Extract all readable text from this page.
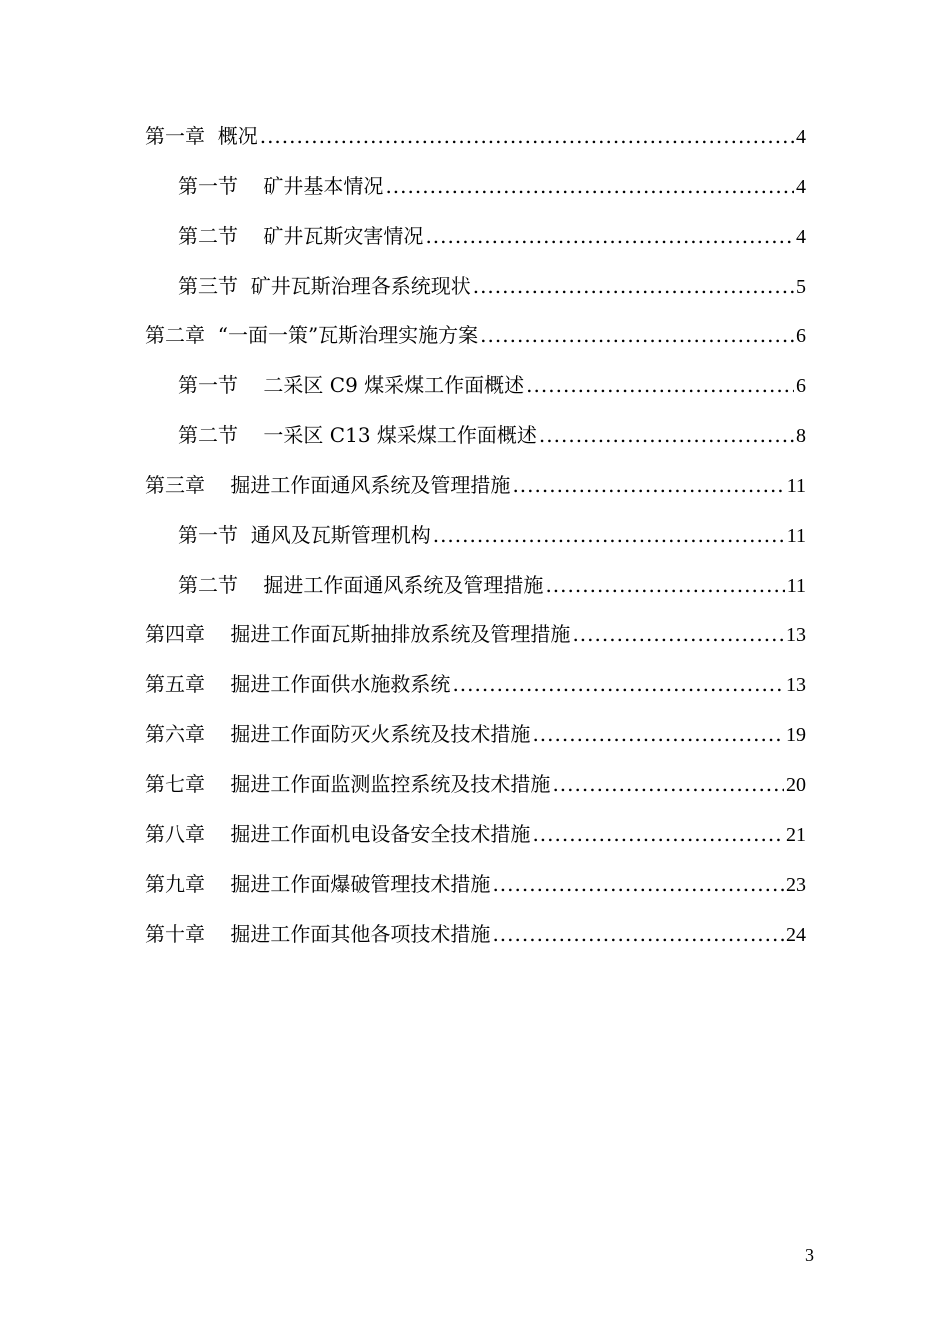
第一章  概况 .....	4
第一节    矿井基本情况 .....	4
第二节    矿井瓦斯灾害情况 .....	4
第三节  矿井瓦斯治理各系统现状 .....	5
第二章  “一面一策”瓦斯治理实施方案 .....	6
第一节    二采区 C9 煤采煤工作面概述 .....	6
第二节    一采区 C13 煤采煤工作面概述 .....	8
第三章    掘进工作面通风系统及管理措施 .....	11
第一节  通风及瓦斯管理机构 .....	11
第二节    掘进工作面通风系统及管理措施 .....	11
第四章    掘进工作面瓦斯抽排放系统及管理措施 .....	13
第五章    掘进工作面供水施救系统 .....	13
第六章    掘进工作面防灭火系统及技术措施 .....	19
第七章    掘进工作面监测监控系统及技术措施 .....	20
第八章    掘进工作面机电设备安全技术措施 .....	21
第九章    掘进工作面爆破管理技术措施 .....	23
第十章    掘进工作面其他各项技术措施 .....	24
3
